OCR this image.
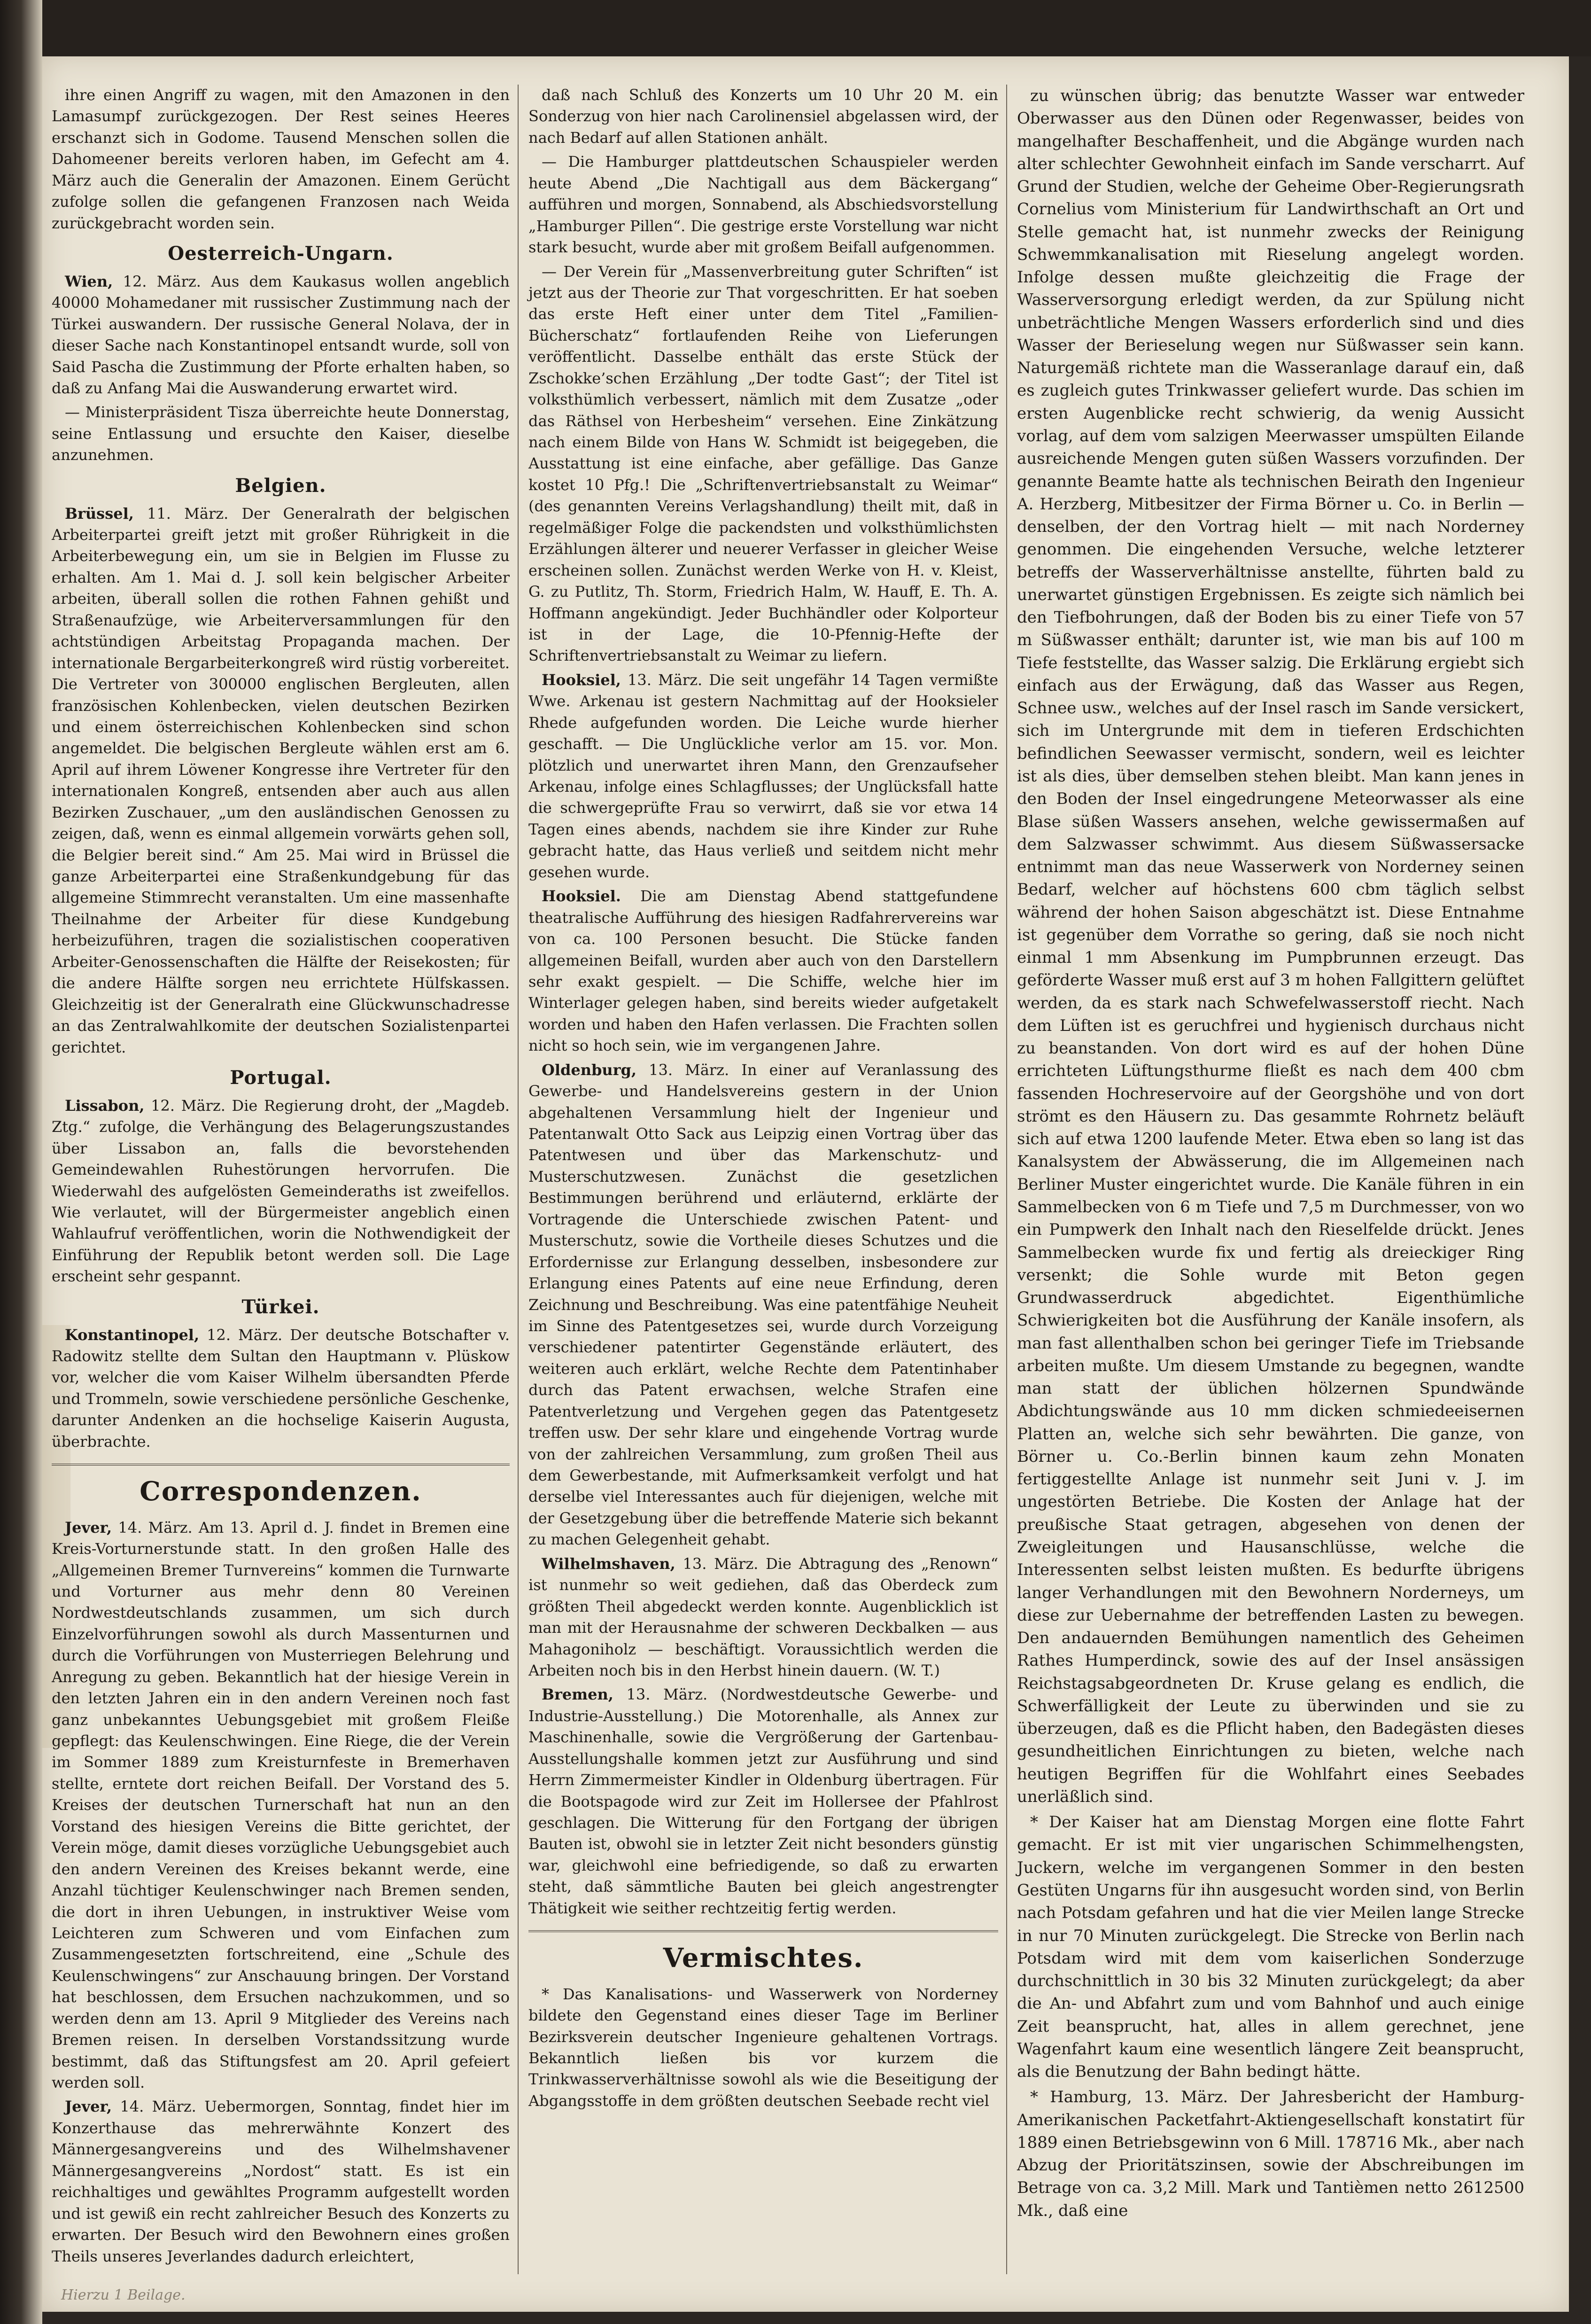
ihre einen Angriff zu wagen, mit den Amazonen in den Lamasumpf zurückgezogen. Der Rest seines Heeres erschanzt sich in Godome. Tausend Menschen sollen die Dahomeener bereits verloren haben, im Gefecht am 4. März auch die Generalin der Amazonen. Einem Gerücht zufolge sollen die gefangenen Franzosen nach Weida zurückgebracht worden sein.

Oesterreich-Ungarn.

Wien, 12. März. Aus dem Kaukasus wollen angeblich 40000 Mohamedaner mit russischer Zustimmung nach der Türkei auswandern. Der russische General Nolava, der in dieser Sache nach Konstantinopel entsandt wurde, soll von Said Pascha die Zustimmung der Pforte erhalten haben, so daß zu Anfang Mai die Auswanderung erwartet wird.

— Ministerpräsident Tisza überreichte heute Donnerstag, seine Entlassung und ersuchte den Kaiser, dieselbe anzunehmen.

Belgien.

Brüssel, 11. März. Der Generalrath der belgischen Arbeiterpartei greift jetzt mit großer Rührigkeit in die Arbeiterbewegung ein, um sie in Belgien im Flusse zu erhalten. Am 1. Mai d. J. soll kein belgischer Arbeiter arbeiten, überall sollen die rothen Fahnen gehißt und Straßenaufzüge, wie Arbeiterversammlungen für den achtstündigen Arbeitstag Propaganda machen. Der internationale Bergarbeiterkongreß wird rüstig vorbereitet. Die Vertreter von 300000 englischen Bergleuten, allen französischen Kohlenbecken, vielen deutschen Bezirken und einem österreichischen Kohlenbecken sind schon angemeldet. Die belgischen Bergleute wählen erst am 6. April auf ihrem Löwener Kongresse ihre Vertreter für den internationalen Kongreß, entsenden aber auch aus allen Bezirken Zuschauer, „um den ausländischen Genossen zu zeigen, daß, wenn es einmal allgemein vorwärts gehen soll, die Belgier bereit sind.“ Am 25. Mai wird in Brüssel die ganze Arbeiterpartei eine Straßenkundgebung für das allgemeine Stimmrecht veranstalten. Um eine massenhafte Theilnahme der Arbeiter für diese Kundgebung herbeizuführen, tragen die sozialistischen cooperativen Arbeiter-Genossenschaften die Hälfte der Reisekosten; für die andere Hälfte sorgen neu errichtete Hülfskassen. Gleichzeitig ist der Generalrath eine Glückwunschadresse an das Zentralwahlkomite der deutschen Sozialistenpartei gerichtet.

Portugal.

Lissabon, 12. März. Die Regierung droht, der „Magdeb. Ztg.“ zufolge, die Verhängung des Belagerungszustandes über Lissabon an, falls die bevorstehenden Gemeindewahlen Ruhestörungen hervorrufen. Die Wiederwahl des aufgelösten Gemeinderaths ist zweifellos. Wie verlautet, will der Bürgermeister angeblich einen Wahlaufruf veröffentlichen, worin die Nothwendigkeit der Einführung der Republik betont werden soll. Die Lage erscheint sehr gespannt.

Türkei.

Konstantinopel, 12. März. Der deutsche Botschafter v. Radowitz stellte dem Sultan den Hauptmann v. Plüskow vor, welcher die vom Kaiser Wilhelm übersandten Pferde und Trommeln, sowie verschiedene persönliche Geschenke, darunter Andenken an die hochselige Kaiserin Augusta, überbrachte.

Correspondenzen.

Jever, 14. März. Am 13. April d. J. findet in Bremen eine Kreis-Vorturnerstunde statt. In den großen Halle des „Allgemeinen Bremer Turnvereins“ kommen die Turnwarte und Vorturner aus mehr denn 80 Vereinen Nordwestdeutschlands zusammen, um sich durch Einzelvorführungen sowohl als durch Massenturnen und durch die Vorführungen von Musterriegen Belehrung und Anregung zu geben. Bekanntlich hat der hiesige Verein in den letzten Jahren ein in den andern Vereinen noch fast ganz unbekanntes Uebungsgebiet mit großem Fleiße gepflegt: das Keulenschwingen. Eine Riege, die der Verein im Sommer 1889 zum Kreisturnfeste in Bremerhaven stellte, erntete dort reichen Beifall. Der Vorstand des 5. Kreises der deutschen Turnerschaft hat nun an den Vorstand des hiesigen Vereins die Bitte gerichtet, der Verein möge, damit dieses vorzügliche Uebungsgebiet auch den andern Vereinen des Kreises bekannt werde, eine Anzahl tüchtiger Keulenschwinger nach Bremen senden, die dort in ihren Uebungen, in instruktiver Weise vom Leichteren zum Schweren und vom Einfachen zum Zusammengesetzten fortschreitend, eine „Schule des Keulenschwingens“ zur Anschauung bringen. Der Vorstand hat beschlossen, dem Ersuchen nachzukommen, und so werden denn am 13. April 9 Mitglieder des Vereins nach Bremen reisen. In derselben Vorstandssitzung wurde bestimmt, daß das Stiftungsfest am 20. April gefeiert werden soll.

Jever, 14. März. Uebermorgen, Sonntag, findet hier im Konzerthause das mehrerwähnte Konzert des Männergesangvereins und des Wilhelmshavener Männergesangvereins „Nordost“ statt. Es ist ein reichhaltiges und gewähltes Programm aufgestellt worden und ist gewiß ein recht zahlreicher Besuch des Konzerts zu erwarten. Der Besuch wird den Bewohnern eines großen Theils unseres Jeverlandes dadurch erleichtert,

daß nach Schluß des Konzerts um 10 Uhr 20 M. ein Sonderzug von hier nach Carolinensiel abgelassen wird, der nach Bedarf auf allen Stationen anhält.

— Die Hamburger plattdeutschen Schauspieler werden heute Abend „Die Nachtigall aus dem Bäckergang“ aufführen und morgen, Sonnabend, als Abschiedsvorstellung „Hamburger Pillen“. Die gestrige erste Vorstellung war nicht stark besucht, wurde aber mit großem Beifall aufgenommen.

— Der Verein für „Massenverbreitung guter Schriften“ ist jetzt aus der Theorie zur That vorgeschritten. Er hat soeben das erste Heft einer unter dem Titel „Familien-Bücherschatz“ fortlaufenden Reihe von Lieferungen veröffentlicht. Dasselbe enthält das erste Stück der Zschokke’schen Erzählung „Der todte Gast“; der Titel ist volksthümlich verbessert, nämlich mit dem Zusatze „oder das Räthsel von Herbesheim“ versehen. Eine Zinkätzung nach einem Bilde von Hans W. Schmidt ist beigegeben, die Ausstattung ist eine einfache, aber gefällige. Das Ganze kostet 10 Pfg.! Die „Schriftenvertriebsanstalt zu Weimar“ (des genannten Vereins Verlagshandlung) theilt mit, daß in regelmäßiger Folge die packendsten und volksthümlichsten Erzählungen älterer und neuerer Verfasser in gleicher Weise erscheinen sollen. Zunächst werden Werke von H. v. Kleist, G. zu Putlitz, Th. Storm, Friedrich Halm, W. Hauff, E. Th. A. Hoffmann angekündigt. Jeder Buchhändler oder Kolporteur ist in der Lage, die 10-Pfennig-Hefte der Schriftenvertriebsanstalt zu Weimar zu liefern.

Hooksiel, 13. März. Die seit ungefähr 14 Tagen vermißte Wwe. Arkenau ist gestern Nachmittag auf der Hooksieler Rhede aufgefunden worden. Die Leiche wurde hierher geschafft. — Die Unglückliche verlor am 15. vor. Mon. plötzlich und unerwartet ihren Mann, den Grenzaufseher Arkenau, infolge eines Schlagflusses; der Unglücksfall hatte die schwergeprüfte Frau so verwirrt, daß sie vor etwa 14 Tagen eines abends, nachdem sie ihre Kinder zur Ruhe gebracht hatte, das Haus verließ und seitdem nicht mehr gesehen wurde.

Hooksiel. Die am Dienstag Abend stattgefundene theatralische Aufführung des hiesigen Radfahrervereins war von ca. 100 Personen besucht. Die Stücke fanden allgemeinen Beifall, wurden aber auch von den Darstellern sehr exakt gespielt. — Die Schiffe, welche hier im Winterlager gelegen haben, sind bereits wieder aufgetakelt worden und haben den Hafen verlassen. Die Frachten sollen nicht so hoch sein, wie im vergangenen Jahre.

Oldenburg, 13. März. In einer auf Veranlassung des Gewerbe- und Handelsvereins gestern in der Union abgehaltenen Versammlung hielt der Ingenieur und Patentanwalt Otto Sack aus Leipzig einen Vortrag über das Patentwesen und über das Markenschutz- und Musterschutzwesen. Zunächst die gesetzlichen Bestimmungen berührend und erläuternd, erklärte der Vortragende die Unterschiede zwischen Patent- und Musterschutz, sowie die Vortheile dieses Schutzes und die Erfordernisse zur Erlangung desselben, insbesondere zur Erlangung eines Patents auf eine neue Erfindung, deren Zeichnung und Beschreibung. Was eine patentfähige Neuheit im Sinne des Patentgesetzes sei, wurde durch Vorzeigung verschiedener patentirter Gegenstände erläutert, des weiteren auch erklärt, welche Rechte dem Patentinhaber durch das Patent erwachsen, welche Strafen eine Patentverletzung und Vergehen gegen das Patentgesetz treffen usw. Der sehr klare und eingehende Vortrag wurde von der zahlreichen Versammlung, zum großen Theil aus dem Gewerbestande, mit Aufmerksamkeit verfolgt und hat derselbe viel Interessantes auch für diejenigen, welche mit der Gesetzgebung über die betreffende Materie sich bekannt zu machen Gelegenheit gehabt.

Wilhelmshaven, 13. März. Die Abtragung des „Renown“ ist nunmehr so weit gediehen, daß das Oberdeck zum größten Theil abgedeckt werden konnte. Augenblicklich ist man mit der Herausnahme der schweren Deckbalken — aus Mahagoniholz — beschäftigt. Voraussichtlich werden die Arbeiten noch bis in den Herbst hinein dauern. (W. T.)

Bremen, 13. März. (Nordwestdeutsche Gewerbe- und Industrie-Ausstellung.) Die Motorenhalle, als Annex zur Maschinenhalle, sowie die Vergrößerung der Gartenbau-Ausstellungshalle kommen jetzt zur Ausführung und sind Herrn Zimmermeister Kindler in Oldenburg übertragen. Für die Bootspagode wird zur Zeit im Hollersee der Pfahlrost geschlagen. Die Witterung für den Fortgang der übrigen Bauten ist, obwohl sie in letzter Zeit nicht besonders günstig war, gleichwohl eine befriedigende, so daß zu erwarten steht, daß sämmtliche Bauten bei gleich angestrengter Thätigkeit wie seither rechtzeitig fertig werden.

Vermischtes.

* Das Kanalisations- und Wasserwerk von Norderney bildete den Gegenstand eines dieser Tage im Berliner Bezirksverein deutscher Ingenieure gehaltenen Vortrags. Bekanntlich ließen bis vor kurzem die Trinkwasserverhältnisse sowohl als wie die Beseitigung der Abgangsstoffe in dem größten deutschen Seebade recht viel

zu wünschen übrig; das benutzte Wasser war entweder Oberwasser aus den Dünen oder Regenwasser, beides von mangelhafter Beschaffenheit, und die Abgänge wurden nach alter schlechter Gewohnheit einfach im Sande verscharrt. Auf Grund der Studien, welche der Geheime Ober-Regierungsrath Cornelius vom Ministerium für Landwirthschaft an Ort und Stelle gemacht hat, ist nunmehr zwecks der Reinigung Schwemmkanalisation mit Rieselung angelegt worden. Infolge dessen mußte gleichzeitig die Frage der Wasserversorgung erledigt werden, da zur Spülung nicht unbeträchtliche Mengen Wassers erforderlich sind und dies Wasser der Berieselung wegen nur Süßwasser sein kann. Naturgemäß richtete man die Wasseranlage darauf ein, daß es zugleich gutes Trinkwasser geliefert wurde. Das schien im ersten Augenblicke recht schwierig, da wenig Aussicht vorlag, auf dem vom salzigen Meerwasser umspülten Eilande ausreichende Mengen guten süßen Wassers vorzufinden. Der genannte Beamte hatte als technischen Beirath den Ingenieur A. Herzberg, Mitbesitzer der Firma Börner u. Co. in Berlin — denselben, der den Vortrag hielt — mit nach Norderney genommen. Die eingehenden Versuche, welche letzterer betreffs der Wasserverhältnisse anstellte, führten bald zu unerwartet günstigen Ergebnissen. Es zeigte sich nämlich bei den Tiefbohrungen, daß der Boden bis zu einer Tiefe von 57 m Süßwasser enthält; darunter ist, wie man bis auf 100 m Tiefe feststellte, das Wasser salzig. Die Erklärung ergiebt sich einfach aus der Erwägung, daß das Wasser aus Regen, Schnee usw., welches auf der Insel rasch im Sande versickert, sich im Untergrunde mit dem in tieferen Erdschichten befindlichen Seewasser vermischt, sondern, weil es leichter ist als dies, über demselben stehen bleibt. Man kann jenes in den Boden der Insel eingedrungene Meteorwasser als eine Blase süßen Wassers ansehen, welche gewissermaßen auf dem Salzwasser schwimmt. Aus diesem Süßwassersacke entnimmt man das neue Wasserwerk von Norderney seinen Bedarf, welcher auf höchstens 600 cbm täglich selbst während der hohen Saison abgeschätzt ist. Diese Entnahme ist gegenüber dem Vorrathe so gering, daß sie noch nicht einmal 1 mm Absenkung im Pumpbrunnen erzeugt. Das geförderte Wasser muß erst auf 3 m hohen Fallgittern gelüftet werden, da es stark nach Schwefelwasserstoff riecht. Nach dem Lüften ist es geruchfrei und hygienisch durchaus nicht zu beanstanden. Von dort wird es auf der hohen Düne errichteten Lüftungsthurme fließt es nach dem 400 cbm fassenden Hochreservoire auf der Georgshöhe und von dort strömt es den Häusern zu. Das gesammte Rohrnetz beläuft sich auf etwa 1200 laufende Meter. Etwa eben so lang ist das Kanalsystem der Abwässerung, die im Allgemeinen nach Berliner Muster eingerichtet wurde. Die Kanäle führen in ein Sammelbecken von 6 m Tiefe und 7,5 m Durchmesser, von wo ein Pumpwerk den Inhalt nach den Rieselfelde drückt. Jenes Sammelbecken wurde fix und fertig als dreieckiger Ring versenkt; die Sohle wurde mit Beton gegen Grundwasserdruck abgedichtet. Eigenthümliche Schwierigkeiten bot die Ausführung der Kanäle insofern, als man fast allenthalben schon bei geringer Tiefe im Triebsande arbeiten mußte. Um diesem Umstande zu begegnen, wandte man statt der üblichen hölzernen Spundwände Abdichtungswände aus 10 mm dicken schmiedeeisernen Platten an, welche sich sehr bewährten. Die ganze, von Börner u. Co.-Berlin binnen kaum zehn Monaten fertiggestellte Anlage ist nunmehr seit Juni v. J. im ungestörten Betriebe. Die Kosten der Anlage hat der preußische Staat getragen, abgesehen von denen der Zweigleitungen und Hausanschlüsse, welche die Interessenten selbst leisten mußten. Es bedurfte übrigens langer Verhandlungen mit den Bewohnern Norderneys, um diese zur Uebernahme der betreffenden Lasten zu bewegen. Den andauernden Bemühungen namentlich des Geheimen Rathes Humperdinck, sowie des auf der Insel ansässigen Reichstagsabgeordneten Dr. Kruse gelang es endlich, die Schwerfälligkeit der Leute zu überwinden und sie zu überzeugen, daß es die Pflicht haben, den Badegästen dieses gesundheitlichen Einrichtungen zu bieten, welche nach heutigen Begriffen für die Wohlfahrt eines Seebades unerläßlich sind.

* Der Kaiser hat am Dienstag Morgen eine flotte Fahrt gemacht. Er ist mit vier ungarischen Schimmelhengsten, Juckern, welche im vergangenen Sommer in den besten Gestüten Ungarns für ihn ausgesucht worden sind, von Berlin nach Potsdam gefahren und hat die vier Meilen lange Strecke in nur 70 Minuten zurückgelegt. Die Strecke von Berlin nach Potsdam wird mit dem vom kaiserlichen Sonderzuge durchschnittlich in 30 bis 32 Minuten zurückgelegt; da aber die An- und Abfahrt zum und vom Bahnhof und auch einige Zeit beansprucht, hat, alles in allem gerechnet, jene Wagenfahrt kaum eine wesentlich längere Zeit beansprucht, als die Benutzung der Bahn bedingt hätte.

* Hamburg, 13. März. Der Jahresbericht der Hamburg-Amerikanischen Packetfahrt-Aktiengesellschaft konstatirt für 1889 einen Betriebsgewinn von 6 Mill. 178716 Mk., aber nach Abzug der Prioritätszinsen, sowie der Abschreibungen im Betrage von ca. 3,2 Mill. Mark und Tantièmen netto 2612500 Mk., daß eine

Hierzu 1 Beilage.
